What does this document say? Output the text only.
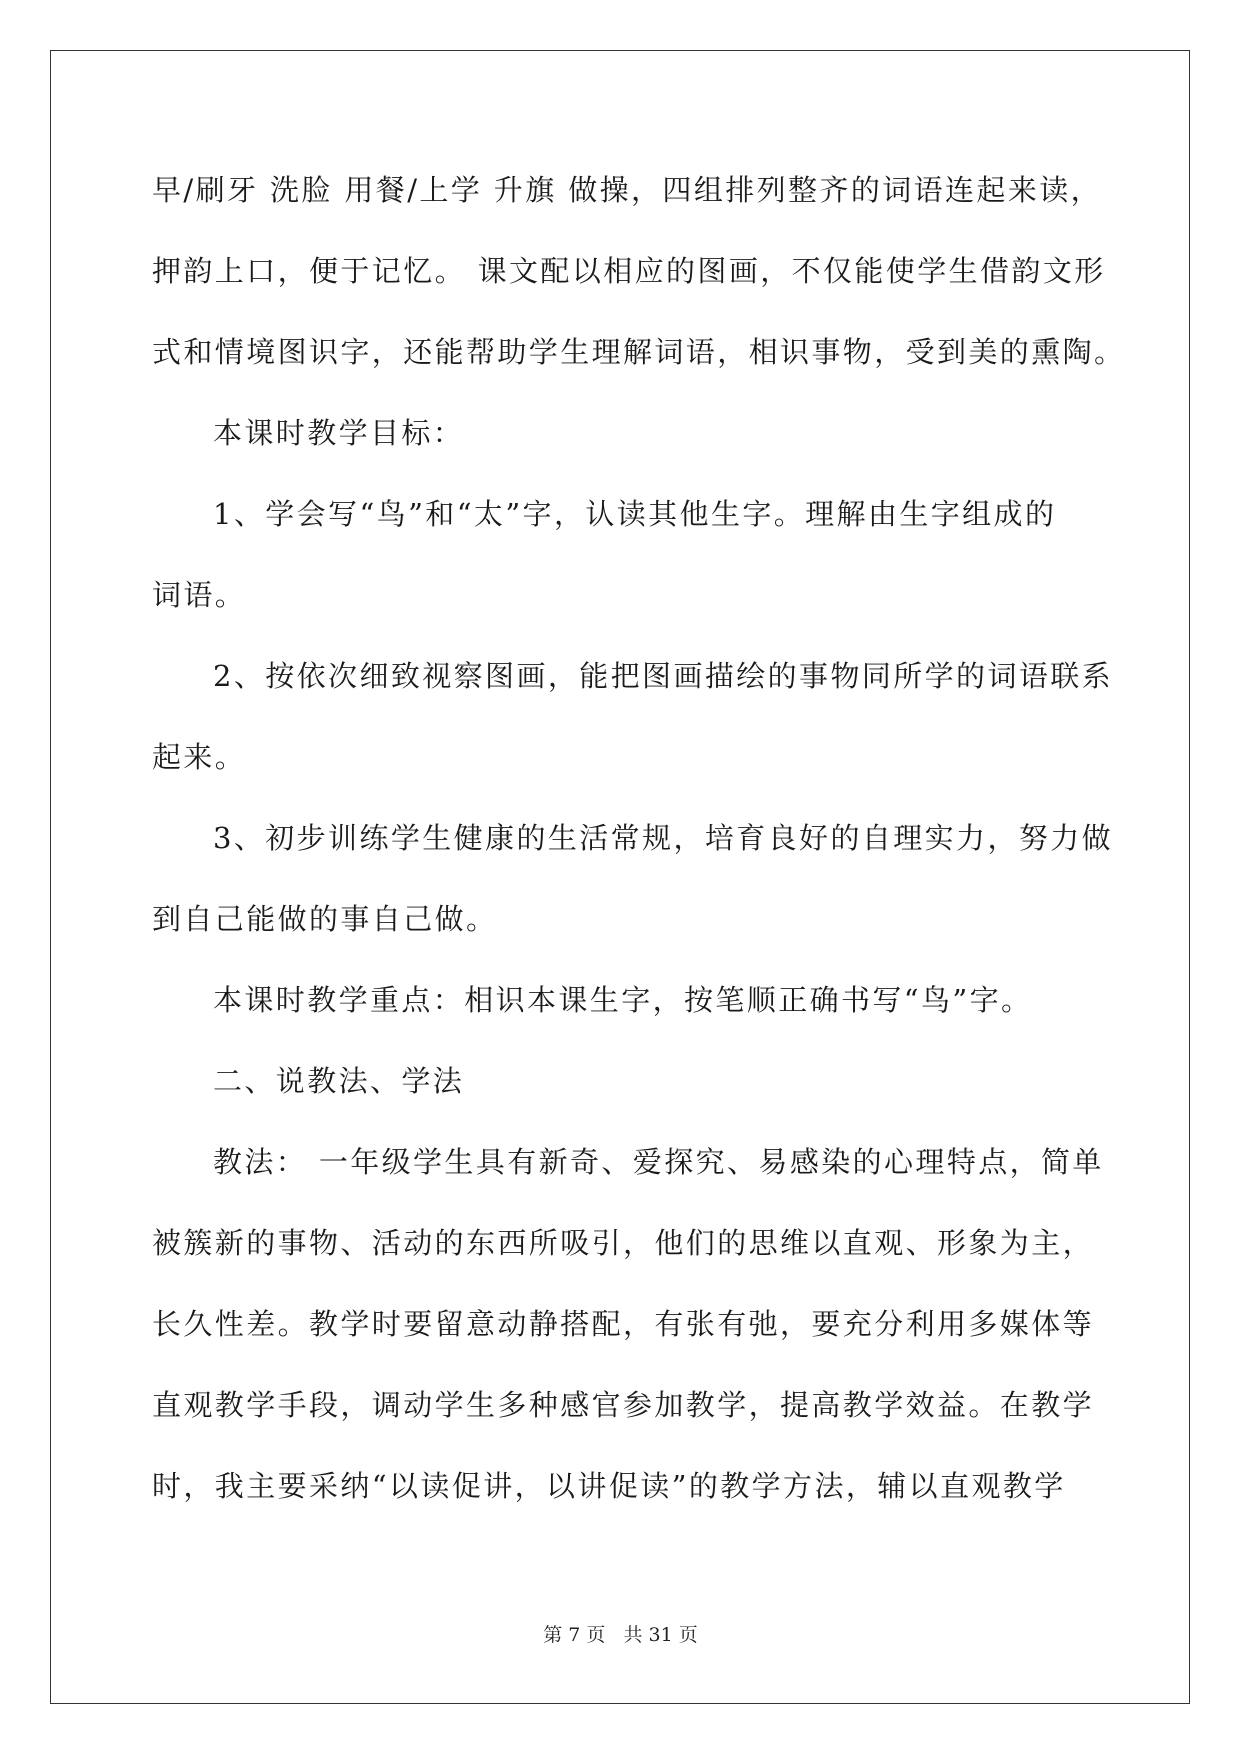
早/刷牙 洗脸 用餐/上学 升旗 做操，四组排列整齐的词语连起来读，

押韵上口，便于记忆。 课文配以相应的图画，不仅能使学生借韵文形

式和情境图识字，还能帮助学生理解词语，相识事物，受到美的熏陶。

本课时教学目标：

1、学会写“鸟”和“太”字，认读其他生字。理解由生字组成的

词语。

2、按依次细致视察图画，能把图画描绘的事物同所学的词语联系

起来。

3、初步训练学生健康的生活常规，培育良好的自理实力，努力做

到自己能做的事自己做。

本课时教学重点：相识本课生字，按笔顺正确书写“鸟”字。

二、说教法、学法

教法： 一年级学生具有新奇、爱探究、易感染的心理特点，简单

被簇新的事物、活动的东西所吸引，他们的思维以直观、形象为主，

长久性差。教学时要留意动静搭配，有张有弛，要充分利用多媒体等

直观教学手段，调动学生多种感官参加教学，提高教学效益。在教学

时，我主要采纳“以读促讲，以讲促读”的教学方法，辅以直观教学

第 7 页 共 31 页
